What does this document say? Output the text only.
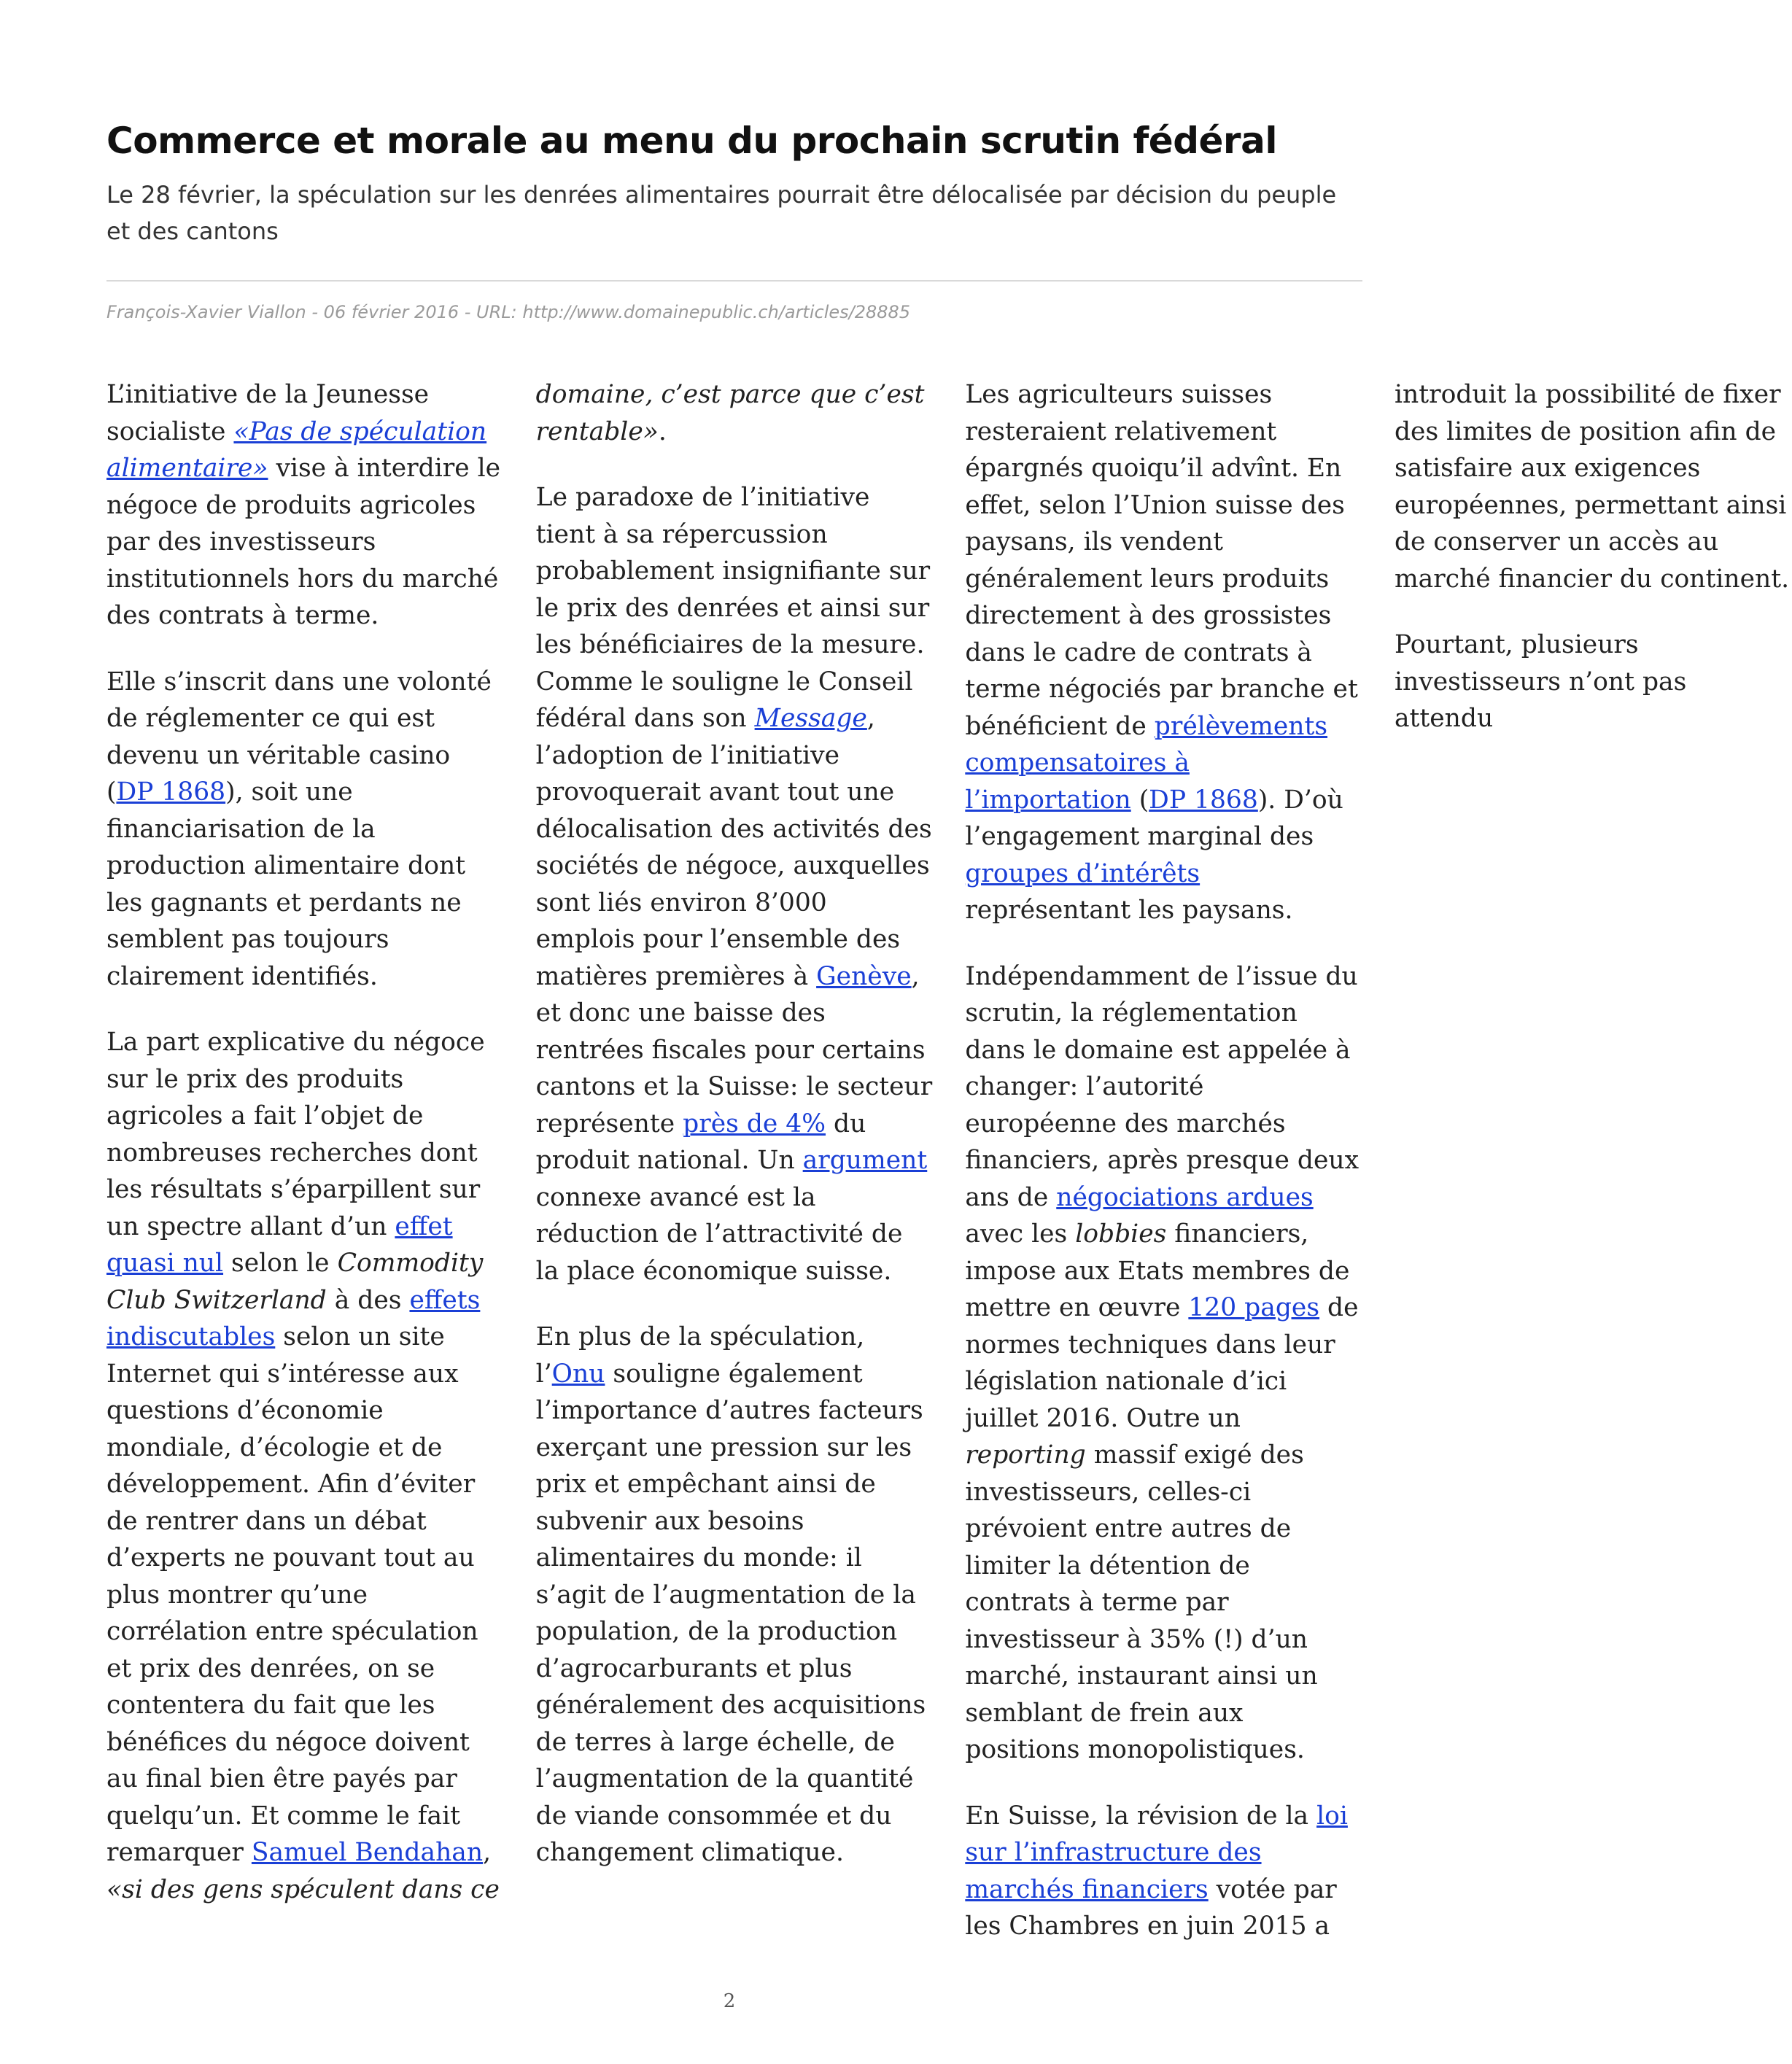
Commerce et morale au menu du prochain scrutin fédéral

Le 28 février, la spéculation sur les denrées alimentaires pourrait être délocalisée par décision du peuple et des cantons

François-Xavier Viallon - 06 février 2016 - URL: http://www.domainepublic.ch/articles/28885

L’initiative de la Jeunesse socialiste «Pas de spéculation alimentaire» vise à interdire le négoce de produits agricoles par des investisseurs institutionnels hors du marché des contrats à terme.

Elle s’inscrit dans une volonté de réglementer ce qui est devenu un véritable casino (DP 1868), soit une financiarisation de la production alimentaire dont les gagnants et perdants ne semblent pas toujours clairement identifiés.

La part explicative du négoce sur le prix des produits agricoles a fait l’objet de nombreuses recherches dont les résultats s’éparpillent sur un spectre allant d’un effet quasi nul selon le Commodity Club Switzerland à des effets indiscutables selon un site Internet qui s’intéresse aux questions d’économie mondiale, d’écologie et de développement. Afin d’éviter de rentrer dans un débat d’experts ne pouvant tout au plus montrer qu’une corrélation entre spéculation et prix des denrées, on se contentera du fait que les bénéfices du négoce doivent au final bien être payés par quelqu’un. Et comme le fait remarquer Samuel Bendahan, «si des gens spéculent dans ce domaine, c’est parce que c’est rentable».

Le paradoxe de l’initiative tient à sa répercussion probablement insignifiante sur le prix des denrées et ainsi sur les bénéficiaires de la mesure. Comme le souligne le Conseil fédéral dans son Message, l’adoption de l’initiative provoquerait avant tout une délocalisation des activités des sociétés de négoce, auxquelles sont liés environ 8’000 emplois pour l’ensemble des matières premières à Genève, et donc une baisse des rentrées fiscales pour certains cantons et la Suisse: le secteur représente près de 4% du produit national. Un argument connexe avancé est la réduction de l’attractivité de la place économique suisse.

En plus de la spéculation, l’Onu souligne également l’importance d’autres facteurs exerçant une pression sur les prix et empêchant ainsi de subvenir aux besoins alimentaires du monde: il s’agit de l’augmentation de la population, de la production d’agrocarburants et plus généralement des acquisitions de terres à large échelle, de l’augmentation de la quantité de viande consommée et du changement climatique.

Les agriculteurs suisses resteraient relativement épargnés quoiqu’il advînt. En effet, selon l’Union suisse des paysans, ils vendent généralement leurs produits directement à des grossistes dans le cadre de contrats à terme négociés par branche et bénéficient de prélèvements compensatoires à l’importation (DP 1868). D’où l’engagement marginal des groupes d’intérêts représentant les paysans.

Indépendamment de l’issue du scrutin, la réglementation dans le domaine est appelée à changer: l’autorité européenne des marchés financiers, après presque deux ans de négociations ardues avec les lobbies financiers, impose aux Etats membres de mettre en œuvre 120 pages de normes techniques dans leur législation nationale d’ici juillet 2016. Outre un reporting massif exigé des investisseurs, celles-ci prévoient entre autres de limiter la détention de contrats à terme par investisseur à 35% (!) d’un marché, instaurant ainsi un semblant de frein aux positions monopolistiques.

En Suisse, la révision de la loi sur l’infrastructure des marchés financiers votée par les Chambres en juin 2015 a introduit la possibilité de fixer des limites de position afin de satisfaire aux exigences européennes, permettant ainsi de conserver un accès au marché financier du continent.

Pourtant, plusieurs investisseurs n’ont pas attendu

2
